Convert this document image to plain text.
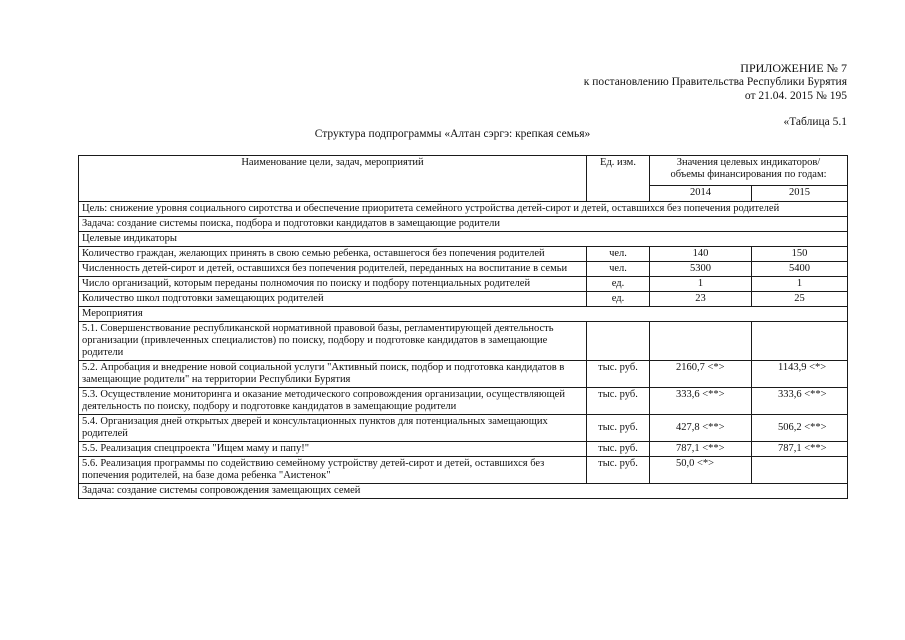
ПРИЛОЖЕНИЕ № 7
к постановлению Правительства Республики Бурятия
от 21.04. 2015 № 195
«Таблица 5.1
Структура подпрограммы «Алтан сэргэ: крепкая семья»
Наименование цели, задач, мероприятий	Ед. изм.	Значения целевых индикаторов/объемы финансирования по годам:	
		2014	2015
Цель: снижение уровня социального сиротства и обеспечение приоритета семейного устройства детей-сирот и детей, оставшихся без попечения родителей			
Задача: создание системы поиска, подбора и подготовки кандидатов в замещающие родители			
Целевые индикаторы			
Количество граждан, желающих принять в свою семью ребенка, оставшегося без попечения родителей	чел.	140	150
Численность детей-сирот и детей, оставшихся без попечения родителей, переданных на воспитание в семьи	чел.	5300	5400
Число организаций, которым переданы полномочия по поиску и подбору потенциальных родителей	ед.	1	1
Количество школ подготовки замещающих родителей	ед.	23	25
Мероприятия			
5.1. Совершенствование республиканской нормативной правовой базы, регламентирующей деятельность организации (привлеченных специалистов) по поиску, подбору и подготовке кандидатов в замещающие родители			
5.2. Апробация и внедрение новой социальной услуги "Активный поиск, подбор и подготовка кандидатов в замещающие родители" на территории Республики Бурятия	тыс. руб.	2160,7 <*>	1143,9 <*>
5.3. Осуществление мониторинга и оказание методического сопровождения организации, осуществляющей деятельность по поиску, подбору и подготовке кандидатов в замещающие родители	тыс. руб.	333,6 <**>	333,6 <**>
5.4. Организация дней открытых дверей и консультационных пунктов для потенциальных замещающих родителей	тыс. руб.	427,8 <**>	506,2 <**>
5.5. Реализация спецпроекта "Ищем маму и папу!"	тыс. руб.	787,1 <**>	787,1 <**>
5.6. Реализация программы по содействию семейному устройству детей-сирот и детей, оставшихся без попечения родителей, на базе дома ребенка "Аистенок"	тыс. руб.	50,0 <*>	
Задача: создание системы сопровождения замещающих семей			
